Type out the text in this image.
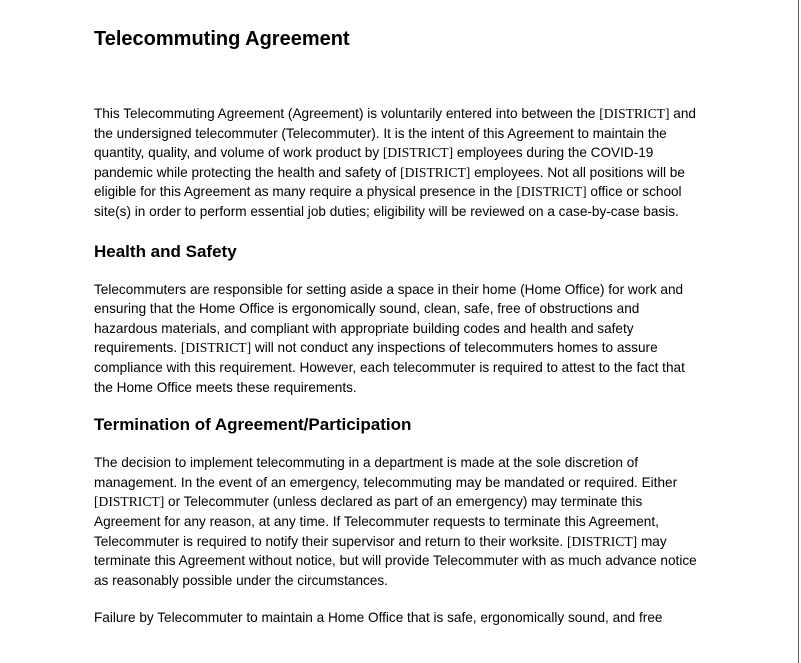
Telecommuting Agreement

This Telecommuting Agreement (Agreement) is voluntarily entered into between the [DISTRICT] and the undersigned telecommuter (Telecommuter). It is the intent of this Agreement to maintain the quantity, quality, and volume of work product by [DISTRICT] employees during the COVID-19 pandemic while protecting the health and safety of [DISTRICT] employees. Not all positions will be eligible for this Agreement as many require a physical presence in the [DISTRICT] office or school site(s) in order to perform essential job duties; eligibility will be reviewed on a case-by-case basis.

Health and Safety

Telecommuters are responsible for setting aside a space in their home (Home Office) for work and ensuring that the Home Office is ergonomically sound, clean, safe, free of obstructions and hazardous materials, and compliant with appropriate building codes and health and safety requirements. [DISTRICT] will not conduct any inspections of telecommuters homes to assure compliance with this requirement. However, each telecommuter is required to attest to the fact that the Home Office meets these requirements.

Termination of Agreement/Participation

The decision to implement telecommuting in a department is made at the sole discretion of management. In the event of an emergency, telecommuting may be mandated or required. Either [DISTRICT] or Telecommuter (unless declared as part of an emergency) may terminate this Agreement for any reason, at any time. If Telecommuter requests to terminate this Agreement, Telecommuter is required to notify their supervisor and return to their worksite. [DISTRICT] may terminate this Agreement without notice, but will provide Telecommuter with as much advance notice as reasonably possible under the circumstances.

Failure by Telecommuter to maintain a Home Office that is safe, ergonomically sound, and free
